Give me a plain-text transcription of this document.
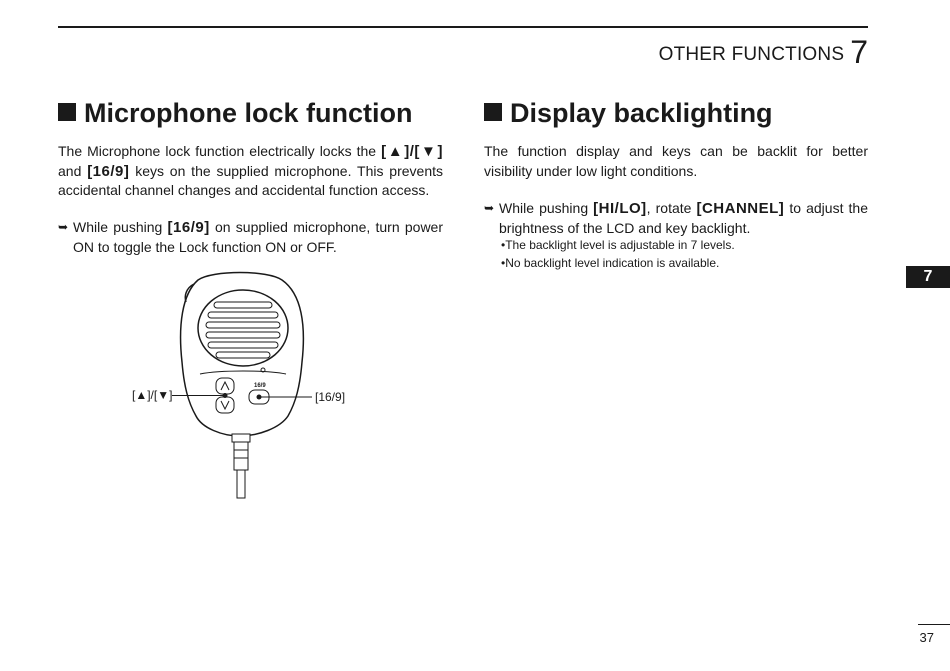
OTHER FUNCTIONS 7
Microphone lock function
The Microphone lock function electrically locks the [▲]/[▼] and [16/9] keys on the supplied microphone. This prevents accidental channel changes and accidental function access.
➥ While pushing [16/9] on supplied microphone, turn power ON to toggle the Lock function ON or OFF.
16/9
[▲]/[▼]	[16/9]
Display backlighting
The function display and keys can be backlit for better visibility under low light conditions.
➥ While pushing [HI/LO], rotate [CHANNEL] to adjust the brightness of the LCD and key backlight.
•The backlight level is adjustable in 7 levels.
•No backlight level indication is available.
7
37
